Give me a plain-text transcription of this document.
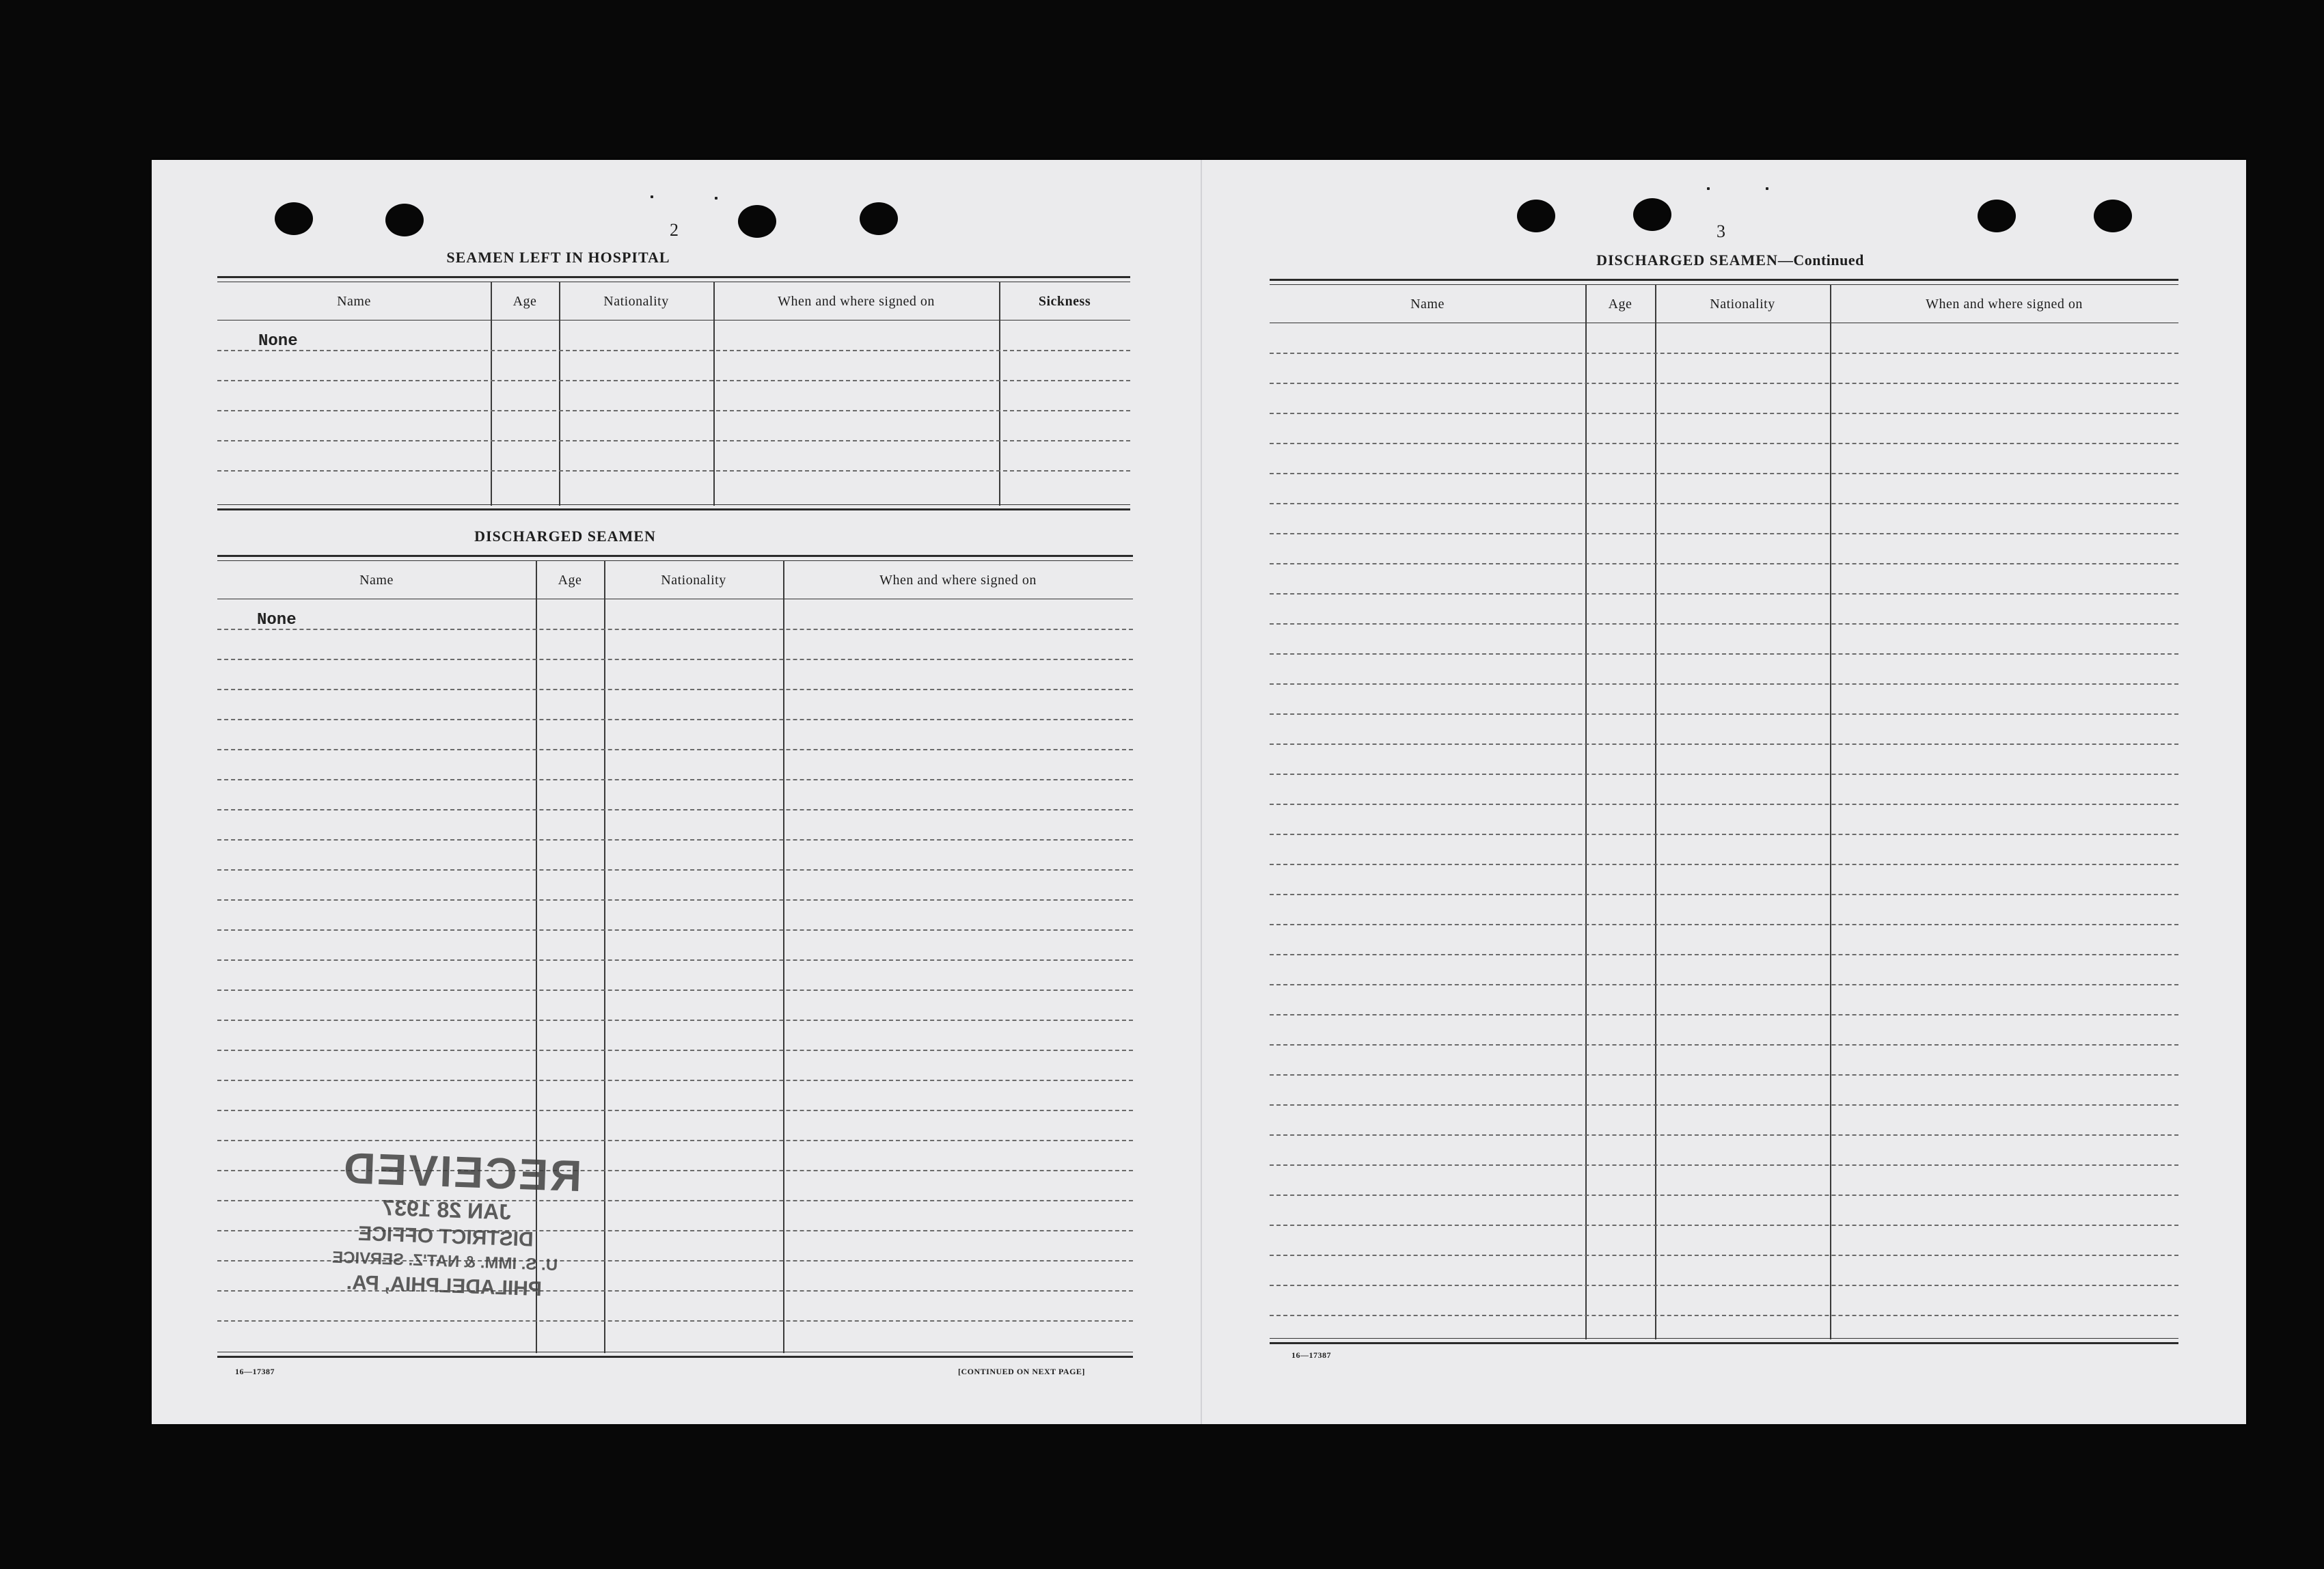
2
SEAMEN LEFT IN HOSPITAL
Name	Age	Nationality	When and where signed on	Sickness
None
DISCHARGED SEAMEN
Name	Age	Nationality	When and where signed on
None
RECEIVED
JAN 28 1937
DISTRICT OFFICE
U. S. IMM. & NAT'Z. SERVICE
PHILADELPHIA, PA.
16—17387	[CONTINUED ON NEXT PAGE]
3
DISCHARGED SEAMEN—Continued
Name	Age	Nationality	When and where signed on
16—17387
